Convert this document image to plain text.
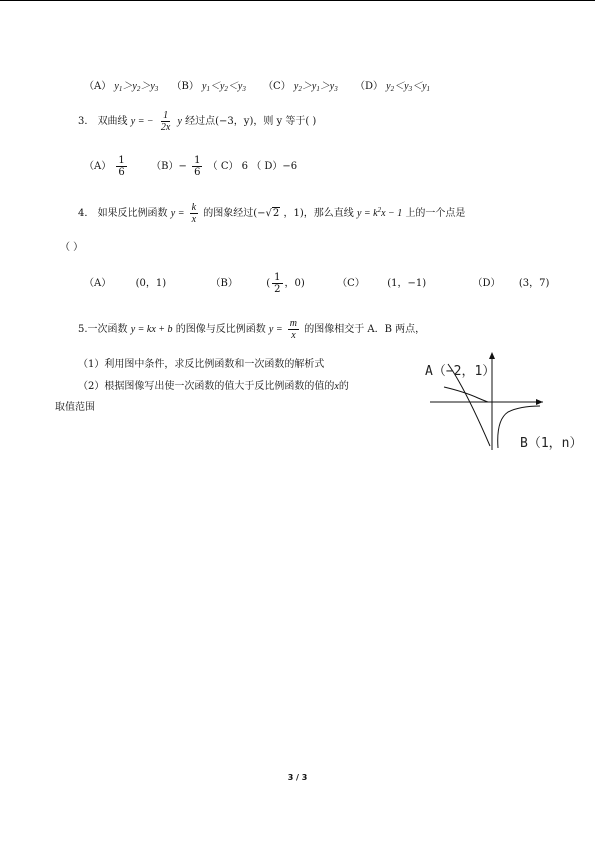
（A） $y_1>y_2>y_3$ （B） $y_1<y_2<y_3$ （C） $y_2>y_1>y_3$ （D） $y_2<y_3<y_1$
3． 双曲线 y = − $\frac{1}{2x}$ y 经过点(−3，y)，则 y 等于( )
$(A) \frac{1}{6} (B)- \frac{1}{6}$ （ C） 6 （ D）−6
4． 如果反比例函数 $y = \frac{k}{x}$ 的图象经过(−√2 ，1)，那么直线 $y = k^2x - 1$ 上的一个点是
（ ）
（A） (0，1)	（B）	( $\frac{1}{2}$ ，0)	（C） (1，−1)	（D） (3，7)
5.一次函数 y = kx + b 的图像与反比例函数 $y = \frac{m}{x}$ 的图像相交于 A．B 两点，
（1）利用图中条件，求反比例函数和一次函数的解析式
（2）根据图像写出使一次函数的值大于反比例函数的值的x的
取值范围
A（−2，1）
B（1，n）
3 / 3
